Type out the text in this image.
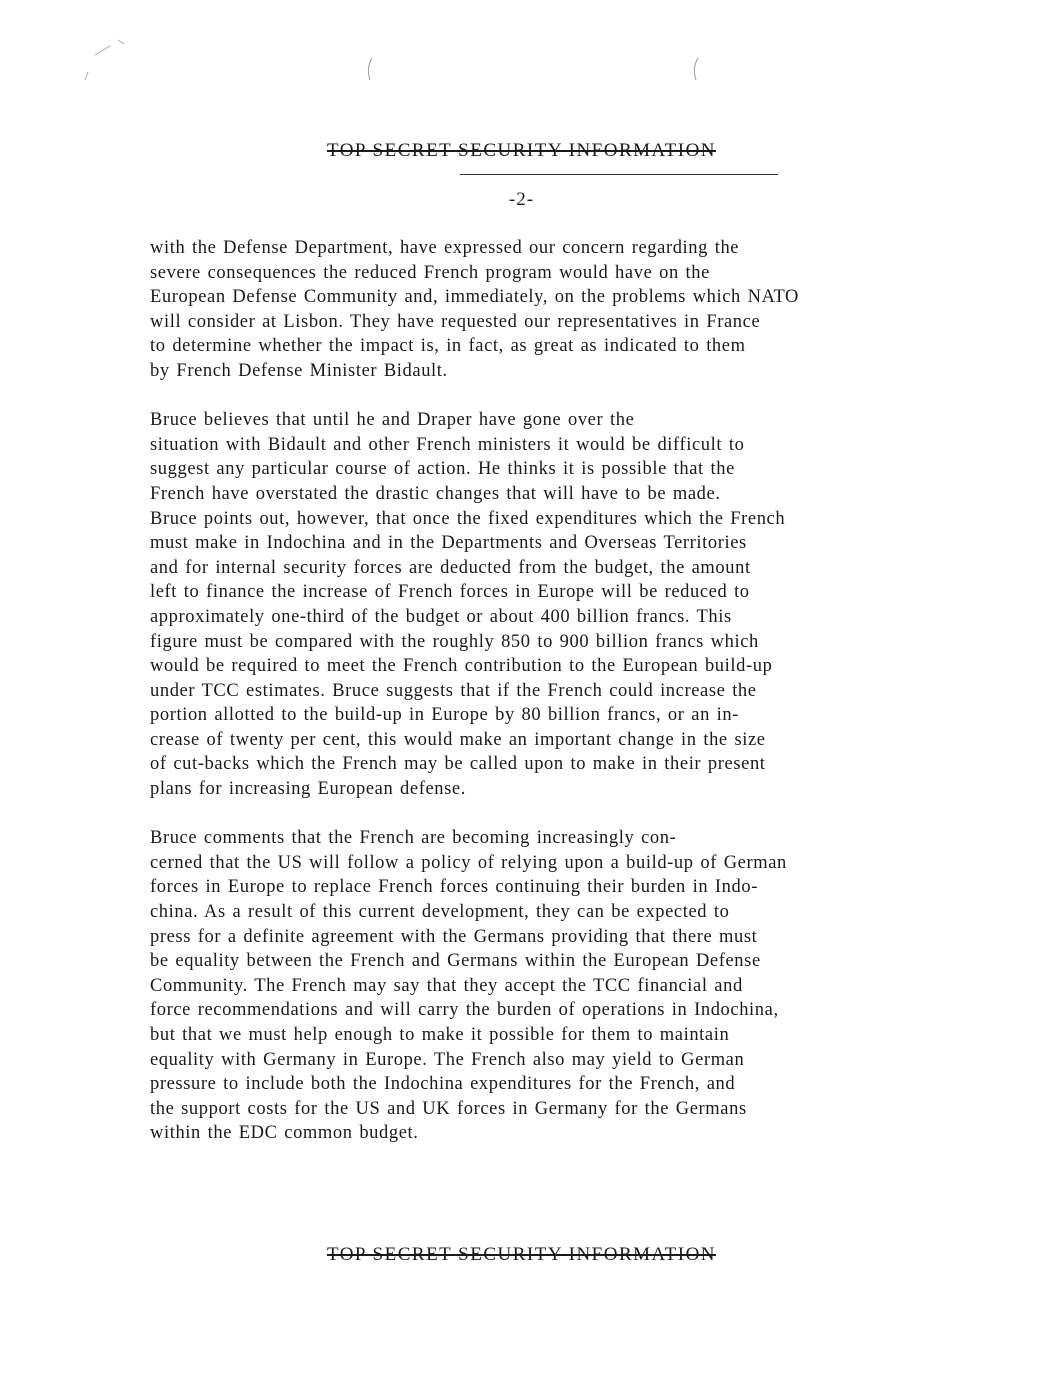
TOP SECRET SECURITY INFORMATION
-2-

with the Defense Department, have expressed our concern regarding the
severe consequences the reduced French program would have on the
European Defense Community and, immediately, on the problems which NATO
will consider at Lisbon. They have requested our representatives in France
to determine whether the impact is, in fact, as great as indicated to them
by French Defense Minister Bidault.

Bruce believes that until he and Draper have gone over the
situation with Bidault and other French ministers it would be difficult to
suggest any particular course of action. He thinks it is possible that the
French have overstated the drastic changes that will have to be made.
Bruce points out, however, that once the fixed expenditures which the French
must make in Indochina and in the Departments and Overseas Territories
and for internal security forces are deducted from the budget, the amount
left to finance the increase of French forces in Europe will be reduced to
approximately one-third of the budget or about 400 billion francs. This
figure must be compared with the roughly 850 to 900 billion francs which
would be required to meet the French contribution to the European build-up
under TCC estimates. Bruce suggests that if the French could increase the
portion allotted to the build-up in Europe by 80 billion francs, or an in-
crease of twenty per cent, this would make an important change in the size
of cut-backs which the French may be called upon to make in their present
plans for increasing European defense.

Bruce comments that the French are becoming increasingly con-
cerned that the US will follow a policy of relying upon a build-up of German
forces in Europe to replace French forces continuing their burden in Indo-
china. As a result of this current development, they can be expected to
press for a definite agreement with the Germans providing that there must
be equality between the French and Germans within the European Defense
Community. The French may say that they accept the TCC financial and
force recommendations and will carry the burden of operations in Indochina,
but that we must help enough to make it possible for them to maintain
equality with Germany in Europe. The French also may yield to German
pressure to include both the Indochina expenditures for the French, and
the support costs for the US and UK forces in Germany for the Germans
within the EDC common budget.

TOP SECRET SECURITY INFORMATION
